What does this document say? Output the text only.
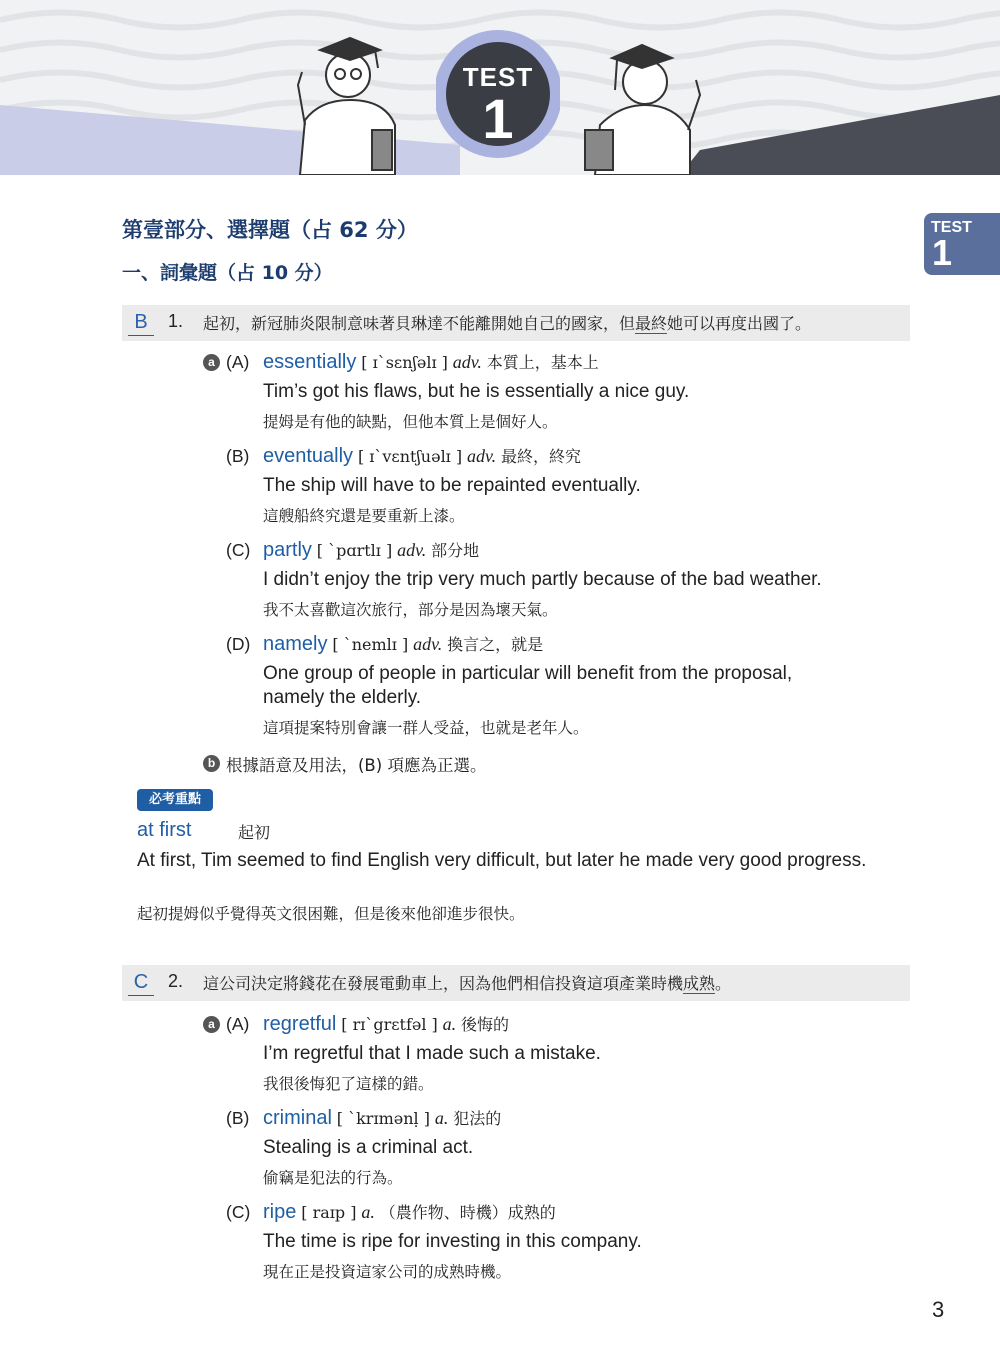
TEST
1
TEST
1
第壹部分、選擇題（占 62 分）
一、詞彙題（占 10 分）
B 1. 起初，新冠肺炎限制意味著貝琳達不能離開她自己的國家，但最終她可以再度出國了。
a (A) essentially [ ɪˋsɛnʃəlɪ ] adv. 本質上，基本上
Tim’s got his flaws, but he is essentially a nice guy.
提姆是有他的缺點，但他本質上是個好人。
(B) eventually [ ɪˋvɛntʃuəlɪ ] adv. 最終，終究
The ship will have to be repainted eventually.
這艘船終究還是要重新上漆。
(C) partly [ ˋpɑrtlɪ ] adv. 部分地
I didn’t enjoy the trip very much partly because of the bad weather.
我不太喜歡這次旅行，部分是因為壞天氣。
(D) namely [ ˋnemlɪ ] adv. 換言之，就是
One group of people in particular will benefit from the proposal,
namely the elderly.
這項提案特別會讓一群人受益，也就是老年人。
b 根據語意及用法，(B) 項應為正選。
必考重點
at first	起初
At first, Tim seemed to find English very difficult, but later he made very good progress.
起初提姆似乎覺得英文很困難，但是後來他卻進步很快。
C 2. 這公司決定將錢花在發展電動車上，因為他們相信投資這項產業時機成熟。
a (A) regretful [ rɪˋgrɛtfəl ] a. 後悔的
I’m regretful that I made such a mistake.
我很後悔犯了這樣的錯。
(B) criminal [ ˋkrɪmənḷ ] a. 犯法的
Stealing is a criminal act.
偷竊是犯法的行為。
(C) ripe [ raɪp ] a. （農作物、時機）成熟的
The time is ripe for investing in this company.
現在正是投資這家公司的成熟時機。
3
